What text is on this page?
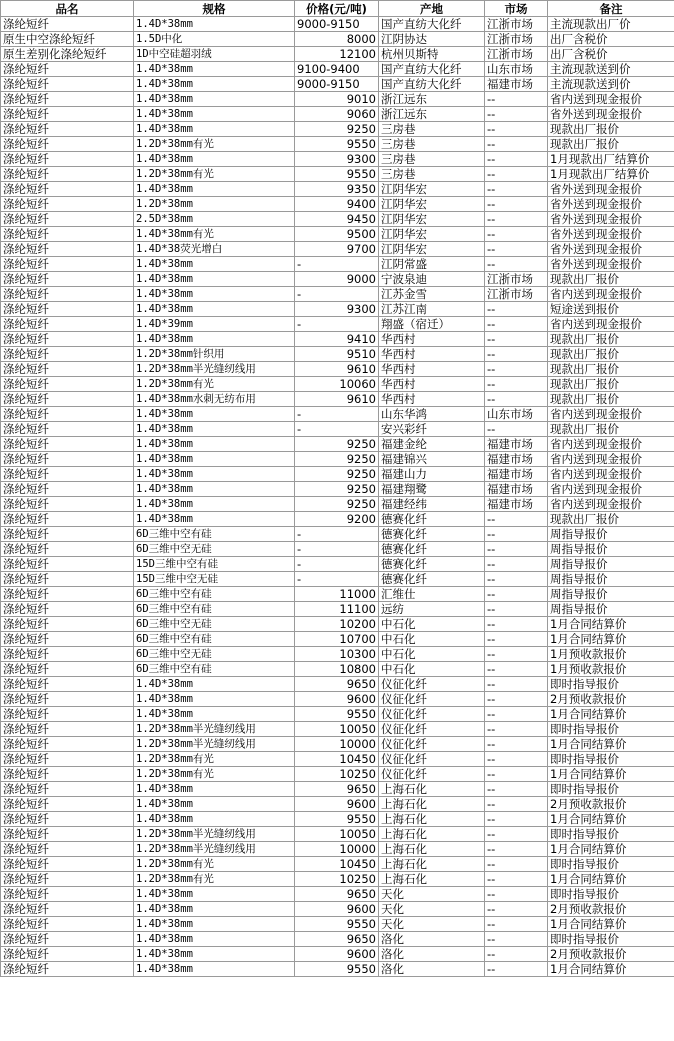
品名	规格	价格(元/吨)	产地	市场	备注
涤纶短纤	1.4D*38mm	9000-9150	国产直纺大化纤	江浙市场	主流现款出厂价
原生中空涤纶短纤	1.5D中化	8000	江阴协达	江浙市场	出厂含税价
原生差别化涤纶短纤	1D中空硅超羽绒	12100	杭州贝斯特	江浙市场	出厂含税价
涤纶短纤	1.4D*38mm	9100-9400	国产直纺大化纤	山东市场	主流现款送到价
涤纶短纤	1.4D*38mm	9000-9150	国产直纺大化纤	福建市场	主流现款送到价
涤纶短纤	1.4D*38mm	9010	浙江远东	--	省内送到现金报价
涤纶短纤	1.4D*38mm	9060	浙江远东	--	省外送到现金报价
涤纶短纤	1.4D*38mm	9250	三房巷	--	现款出厂报价
涤纶短纤	1.2D*38mm有光	9550	三房巷	--	现款出厂报价
涤纶短纤	1.4D*38mm	9300	三房巷	--	1月现款出厂结算价
涤纶短纤	1.2D*38mm有光	9550	三房巷	--	1月现款出厂结算价
涤纶短纤	1.4D*38mm	9350	江阴华宏	--	省外送到现金报价
涤纶短纤	1.2D*38mm	9400	江阴华宏	--	省外送到现金报价
涤纶短纤	2.5D*38mm	9450	江阴华宏	--	省外送到现金报价
涤纶短纤	1.4D*38mm有光	9500	江阴华宏	--	省外送到现金报价
涤纶短纤	1.4D*38荧光增白	9700	江阴华宏	--	省外送到现金报价
涤纶短纤	1.4D*38mm	-	江阴常盛	--	省外送到现金报价
涤纶短纤	1.4D*38mm	9000	宁波泉迪	江浙市场	现款出厂报价
涤纶短纤	1.4D*38mm	-	江苏金雪	江浙市场	省内送到现金报价
涤纶短纤	1.4D*38mm	9300	江苏江南	--	短途送到报价
涤纶短纤	1.4D*39mm	-	翔盛（宿迁）	--	省内送到现金报价
涤纶短纤	1.4D*38mm	9410	华西村	--	现款出厂报价
涤纶短纤	1.2D*38mm针织用	9510	华西村	--	现款出厂报价
涤纶短纤	1.2D*38mm半光缝纫线用	9610	华西村	--	现款出厂报价
涤纶短纤	1.2D*38mm有光	10060	华西村	--	现款出厂报价
涤纶短纤	1.4D*38mm水刺无纺布用	9610	华西村	--	现款出厂报价
涤纶短纤	1.4D*38mm	-	山东华鸿	山东市场	省内送到现金报价
涤纶短纤	1.4D*38mm	-	安兴彩纤	--	现款出厂报价
涤纶短纤	1.4D*38mm	9250	福建金纶	福建市场	省内送到现金报价
涤纶短纤	1.4D*38mm	9250	福建锦兴	福建市场	省内送到现金报价
涤纶短纤	1.4D*38mm	9250	福建山力	福建市场	省内送到现金报价
涤纶短纤	1.4D*38mm	9250	福建翔鹭	福建市场	省内送到现金报价
涤纶短纤	1.4D*38mm	9250	福建经纬	福建市场	省内送到现金报价
涤纶短纤	1.4D*38mm	9200	德赛化纤	--	现款出厂报价
涤纶短纤	6D三维中空有硅	-	德赛化纤	--	周指导报价
涤纶短纤	6D三维中空无硅	-	德赛化纤	--	周指导报价
涤纶短纤	15D三维中空有硅	-	德赛化纤	--	周指导报价
涤纶短纤	15D三维中空无硅	-	德赛化纤	--	周指导报价
涤纶短纤	6D三维中空有硅	11000	汇维仕	--	周指导报价
涤纶短纤	6D三维中空有硅	11100	远纺	--	周指导报价
涤纶短纤	6D三维中空无硅	10200	中石化	--	1月合同结算价
涤纶短纤	6D三维中空有硅	10700	中石化	--	1月合同结算价
涤纶短纤	6D三维中空无硅	10300	中石化	--	1月预收款报价
涤纶短纤	6D三维中空有硅	10800	中石化	--	1月预收款报价
涤纶短纤	1.4D*38mm	9650	仪征化纤	--	即时指导报价
涤纶短纤	1.4D*38mm	9600	仪征化纤	--	2月预收款报价
涤纶短纤	1.4D*38mm	9550	仪征化纤	--	1月合同结算价
涤纶短纤	1.2D*38mm半光缝纫线用	10050	仪征化纤	--	即时指导报价
涤纶短纤	1.2D*38mm半光缝纫线用	10000	仪征化纤	--	1月合同结算价
涤纶短纤	1.2D*38mm有光	10450	仪征化纤	--	即时指导报价
涤纶短纤	1.2D*38mm有光	10250	仪征化纤	--	1月合同结算价
涤纶短纤	1.4D*38mm	9650	上海石化	--	即时指导报价
涤纶短纤	1.4D*38mm	9600	上海石化	--	2月预收款报价
涤纶短纤	1.4D*38mm	9550	上海石化	--	1月合同结算价
涤纶短纤	1.2D*38mm半光缝纫线用	10050	上海石化	--	即时指导报价
涤纶短纤	1.2D*38mm半光缝纫线用	10000	上海石化	--	1月合同结算价
涤纶短纤	1.2D*38mm有光	10450	上海石化	--	即时指导报价
涤纶短纤	1.2D*38mm有光	10250	上海石化	--	1月合同结算价
涤纶短纤	1.4D*38mm	9650	天化	--	即时指导报价
涤纶短纤	1.4D*38mm	9600	天化	--	2月预收款报价
涤纶短纤	1.4D*38mm	9550	天化	--	1月合同结算价
涤纶短纤	1.4D*38mm	9650	洛化	--	即时指导报价
涤纶短纤	1.4D*38mm	9600	洛化	--	2月预收款报价
涤纶短纤	1.4D*38mm	9550	洛化	--	1月合同结算价
